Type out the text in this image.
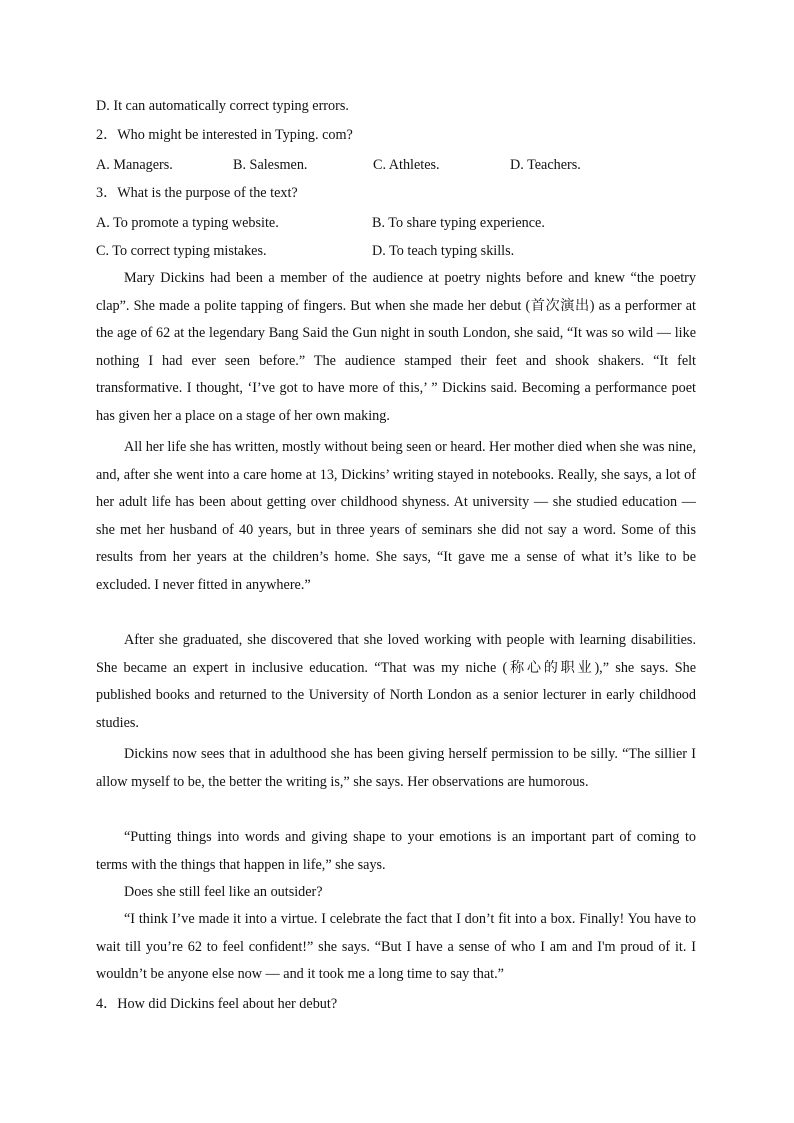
D. It can automatically correct typing errors.
2．Who might be interested in Typing. com?
A. Managers.	B. Salesmen.	C. Athletes.	D. Teachers.
3．What is the purpose of the text?
A. To promote a typing website.	B. To share typing experience.
C. To correct typing mistakes.	D. To teach typing skills.

Mary Dickins had been a member of the audience at poetry nights before and knew “the poetry clap”. She made a polite tapping of fingers. But when she made her debut (首次演出) as a performer at the age of 62 at the legendary Bang Said the Gun night in south London, she said, “It was so wild — like nothing I had ever seen before.” The audience stamped their feet and shook shakers. “It felt transformative. I thought, ‘I’ve got to have more of this,’ ” Dickins said. Becoming a performance poet has given her a place on a stage of her own making.

All her life she has written, mostly without being seen or heard. Her mother died when she was nine, and, after she went into a care home at 13, Dickins’ writing stayed in notebooks. Really, she says, a lot of her adult life has been about getting over childhood shyness. At university — she studied education — she met her husband of 40 years, but in three years of seminars she did not say a word. Some of this results from her years at the children’s home. She says, “It gave me a sense of what it’s like to be excluded. I never fitted in anywhere.”

After she graduated, she discovered that she loved working with people with learning disabilities. She became an expert in inclusive education. “That was my niche (称心的职业),” she says. She published books and returned to the University of North London as a senior lecturer in early childhood studies.

Dickins now sees that in adulthood she has been giving herself permission to be silly. “The sillier I allow myself to be, the better the writing is,” she says. Her observations are humorous.

“Putting things into words and giving shape to your emotions is an important part of coming to terms with the things that happen in life,” she says.

Does she still feel like an outsider?

“I think I’ve made it into a virtue. I celebrate the fact that I don’t fit into a box. Finally! You have to wait till you’re 62 to feel confident!” she says. “But I have a sense of who I am and I'm proud of it. I wouldn’t be anyone else now — and it took me a long time to say that.”

4．How did Dickins feel about her debut?
